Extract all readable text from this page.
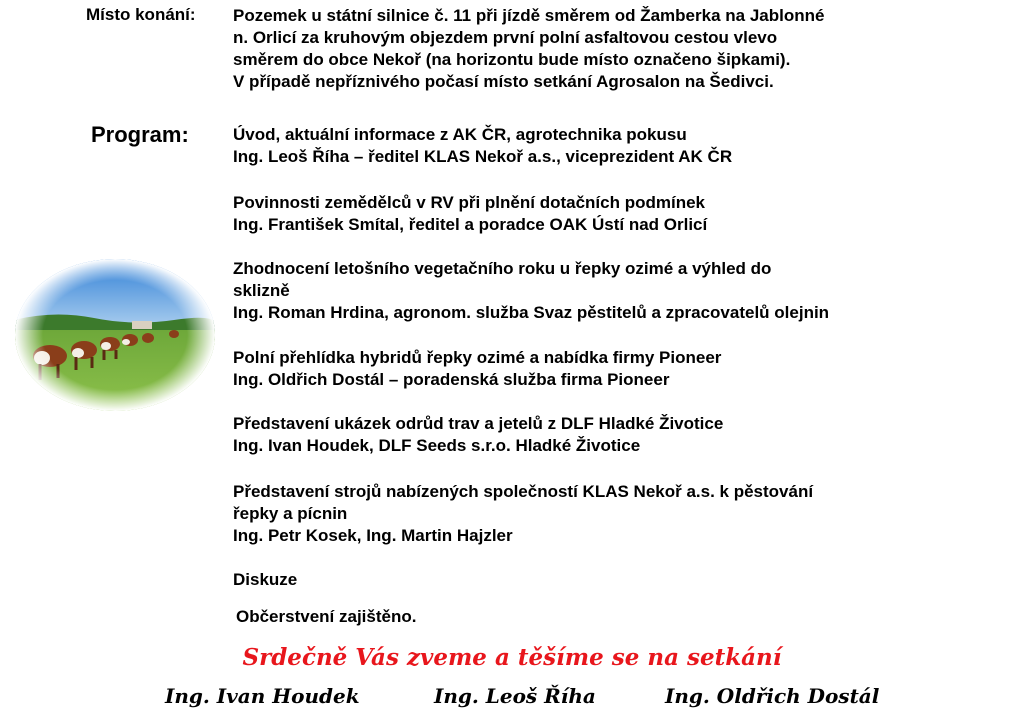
Místo konání: Pozemek u státní silnice č. 11 při jízdě směrem od Žamberka na Jablonné
n. Orlicí za kruhovým objezdem první polní asfaltovou cestou vlevo
směrem do obce Nekoř (na horizontu bude místo označeno šipkami).
V případě nepříznivého počasí místo setkání Agrosalon na Šedivci.
Program:	Úvod, aktuální informace z AK ČR, agrotechnika pokusu
Ing. Leoš Říha – ředitel KLAS Nekoř a.s., viceprezident AK ČR
Povinnosti zemědělců v RV při plnění dotačních podmínek
Ing. František Smítal, ředitel a poradce OAK Ústí nad Orlicí
Zhodnocení letošního vegetačního roku u řepky ozimé a výhled do
sklizně
Ing. Roman Hrdina, agronom. služba Svaz pěstitelů a zpracovatelů olejnin
Polní přehlídka hybridů řepky ozimé a nabídka firmy Pioneer
Ing. Oldřich Dostál – poradenská služba firma Pioneer
Představení ukázek odrůd trav a jetelů z DLF Hladké Životice
Ing. Ivan Houdek, DLF Seeds s.r.o. Hladké Životice
Představení strojů nabízených společností KLAS Nekoř a.s. k pěstování
řepky a pícnin
Ing. Petr Kosek, Ing. Martin Hajzler
Diskuze
Občerstvení zajištěno.
Srdečně Vás zveme a těšíme se na setkání
Ing. Ivan Houdek	Ing. Leoš Říha	Ing. Oldřich Dostál
